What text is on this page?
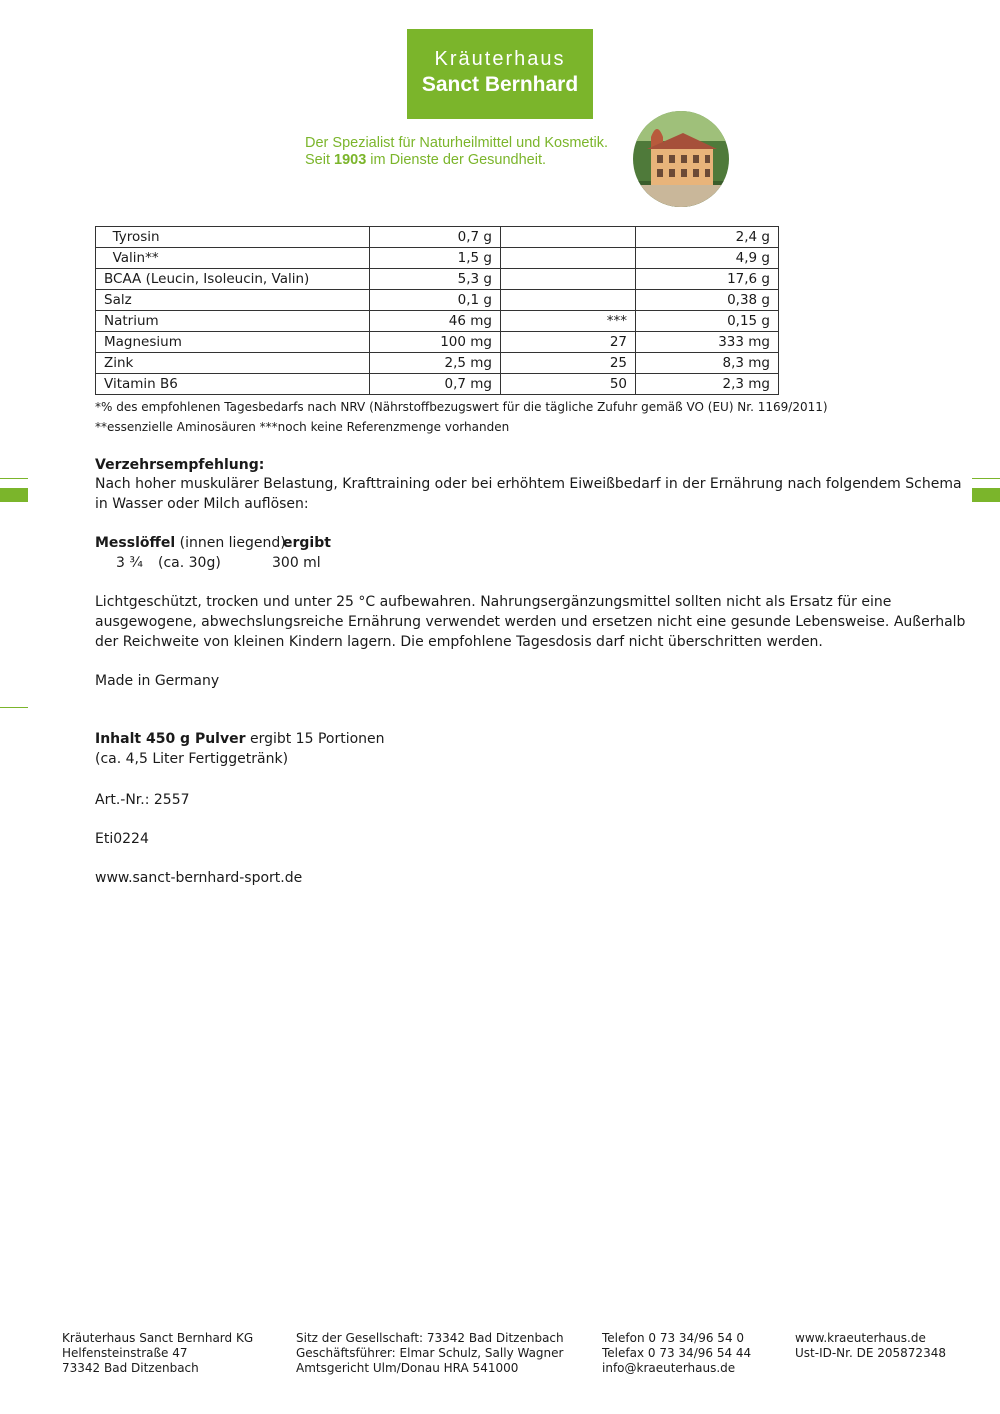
Kräuterhaus
Sanct Bernhard
Der Spezialist für Naturheilmittel und Kosmetik.
Seit 1903 im Dienste der Gesundheit.
Tyrosin	0,7 g		2,4 g
Valin**	1,5 g		4,9 g
BCAA (Leucin, Isoleucin, Valin)	5,3 g		17,6 g
Salz	0,1 g		0,38 g
Natrium	46 mg	***	0,15 g
Magnesium	100 mg	27	333 mg
Zink	2,5 mg	25	8,3 mg
Vitamin B6	0,7 mg	50	2,3 mg
*% des empfohlenen Tagesbedarfs nach NRV (Nährstoffbezugswert für die tägliche Zufuhr gemäß VO (EU) Nr. 1169/2011)
**essenzielle Aminosäuren ***noch keine Referenzmenge vorhanden
Verzehrsempfehlung:
Nach hoher muskulärer Belastung, Krafttraining oder bei erhöhtem Eiweißbedarf in der Ernährung nach folgendem Schema
in Wasser oder Milch auflösen:
Messlöffel (innen liegend)
ergibt
3 ¾ (ca. 30g)	300 ml
Lichtgeschützt, trocken und unter 25 °C aufbewahren. Nahrungsergänzungsmittel sollten nicht als Ersatz für eine
ausgewogene, abwechslungsreiche Ernährung verwendet werden und ersetzen nicht eine gesunde Lebensweise. Außerhalb
der Reichweite von kleinen Kindern lagern. Die empfohlene Tagesdosis darf nicht überschritten werden.
Made in Germany
Inhalt 450 g Pulver ergibt 15 Portionen
(ca. 4,5 Liter Fertiggetränk)
Art.-Nr.: 2557
Eti0224
www.sanct-bernhard-sport.de
Kräuterhaus Sanct Bernhard KG
Helfensteinstraße 47
73342 Bad Ditzenbach
Sitz der Gesellschaft: 73342 Bad Ditzenbach
Geschäftsführer: Elmar Schulz, Sally Wagner
Amtsgericht Ulm/Donau HRA 541000
Telefon 0 73 34/96 54 0
Telefax 0 73 34/96 54 44
info@kraeuterhaus.de
www.kraeuterhaus.de
Ust-ID-Nr. DE 205872348
